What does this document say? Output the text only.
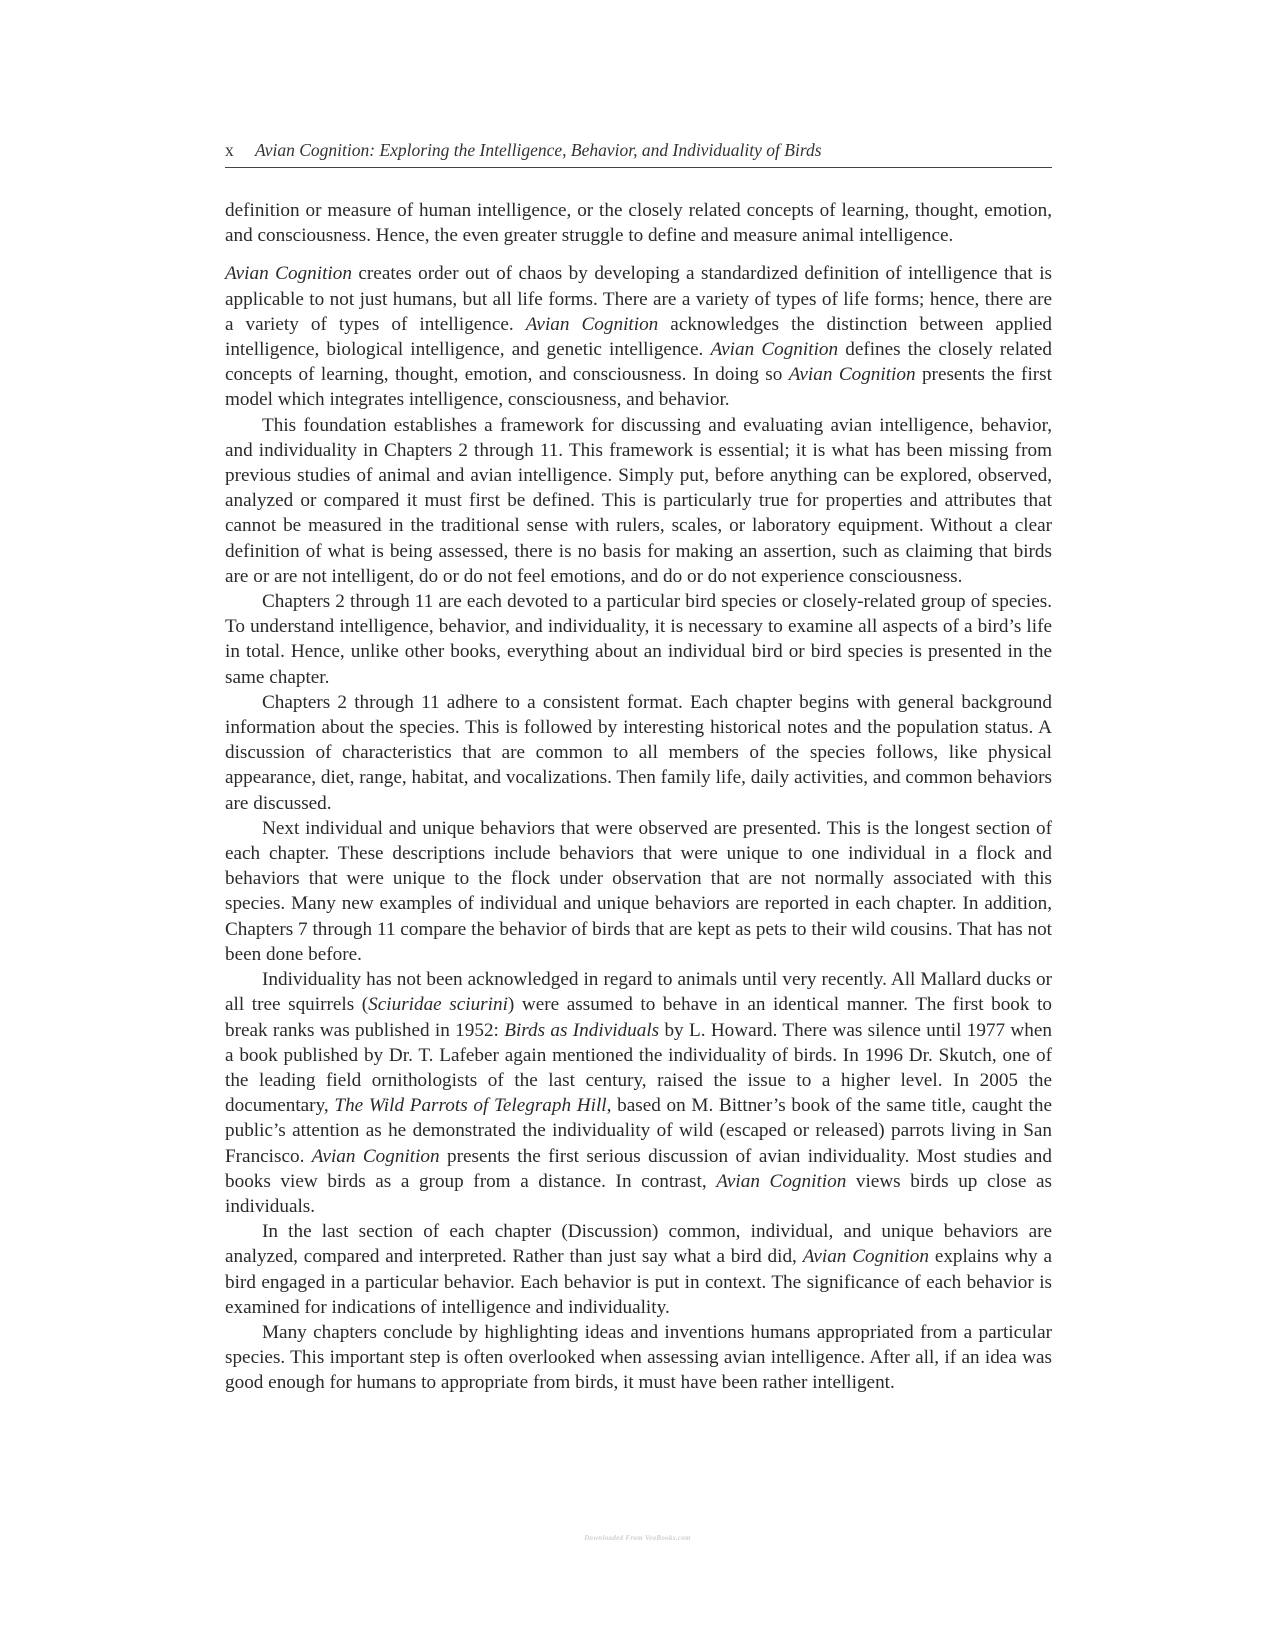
x	Avian Cognition: Exploring the Intelligence, Behavior, and Individuality of Birds

definition or measure of human intelligence, or the closely related concepts of learning, thought, emotion, and consciousness. Hence, the even greater struggle to define and measure animal intelligence.

Avian Cognition creates order out of chaos by developing a standardized definition of intelligence that is applicable to not just humans, but all life forms. There are a variety of types of life forms; hence, there are a variety of types of intelligence. Avian Cognition acknowledges the distinction between applied intelligence, biological intelligence, and genetic intelligence. Avian Cognition defines the closely related concepts of learning, thought, emotion, and consciousness. In doing so Avian Cognition presents the first model which integrates intelligence, consciousness, and behavior.

This foundation establishes a framework for discussing and evaluating avian intelligence, behavior, and individuality in Chapters 2 through 11. This framework is essential; it is what has been missing from previous studies of animal and avian intelligence. Simply put, before anything can be explored, observed, analyzed or compared it must first be defined. This is particularly true for properties and attributes that cannot be measured in the traditional sense with rulers, scales, or laboratory equipment. Without a clear definition of what is being assessed, there is no basis for making an assertion, such as claiming that birds are or are not intelligent, do or do not feel emotions, and do or do not experience consciousness.

Chapters 2 through 11 are each devoted to a particular bird species or closely-related group of species. To understand intelligence, behavior, and individuality, it is necessary to examine all aspects of a bird’s life in total. Hence, unlike other books, everything about an individual bird or bird species is presented in the same chapter.

Chapters 2 through 11 adhere to a consistent format. Each chapter begins with general background information about the species. This is followed by interesting historical notes and the population status. A discussion of characteristics that are common to all members of the species follows, like physical appearance, diet, range, habitat, and vocalizations. Then family life, daily activities, and common behaviors are discussed.

Next individual and unique behaviors that were observed are presented. This is the longest section of each chapter. These descriptions include behaviors that were unique to one individual in a flock and behaviors that were unique to the flock under observation that are not normally associated with this species. Many new examples of individual and unique behaviors are reported in each chapter. In addition, Chapters 7 through 11 compare the behavior of birds that are kept as pets to their wild cousins. That has not been done before.

Individuality has not been acknowledged in regard to animals until very recently. All Mallard ducks or all tree squirrels (Sciuridae sciurini) were assumed to behave in an identical manner. The first book to break ranks was published in 1952: Birds as Individuals by L. Howard. There was silence until 1977 when a book published by Dr. T. Lafeber again mentioned the individuality of birds. In 1996 Dr. Skutch, one of the leading field ornithologists of the last century, raised the issue to a higher level. In 2005 the documentary, The Wild Parrots of Telegraph Hill, based on M. Bittner’s book of the same title, caught the public’s attention as he demonstrated the individuality of wild (escaped or released) parrots living in San Francisco. Avian Cognition presents the first serious discussion of avian individuality. Most studies and books view birds as a group from a distance. In contrast, Avian Cognition views birds up close as individuals.

In the last section of each chapter (Discussion) common, individual, and unique behaviors are analyzed, compared and interpreted. Rather than just say what a bird did, Avian Cognition explains why a bird engaged in a particular behavior. Each behavior is put in context. The significance of each behavior is examined for indications of intelligence and individuality.

Many chapters conclude by highlighting ideas and inventions humans appropriated from a particular species. This important step is often overlooked when assessing avian intelligence. After all, if an idea was good enough for humans to appropriate from birds, it must have been rather intelligent.

Downloaded From VeoBooks.com
